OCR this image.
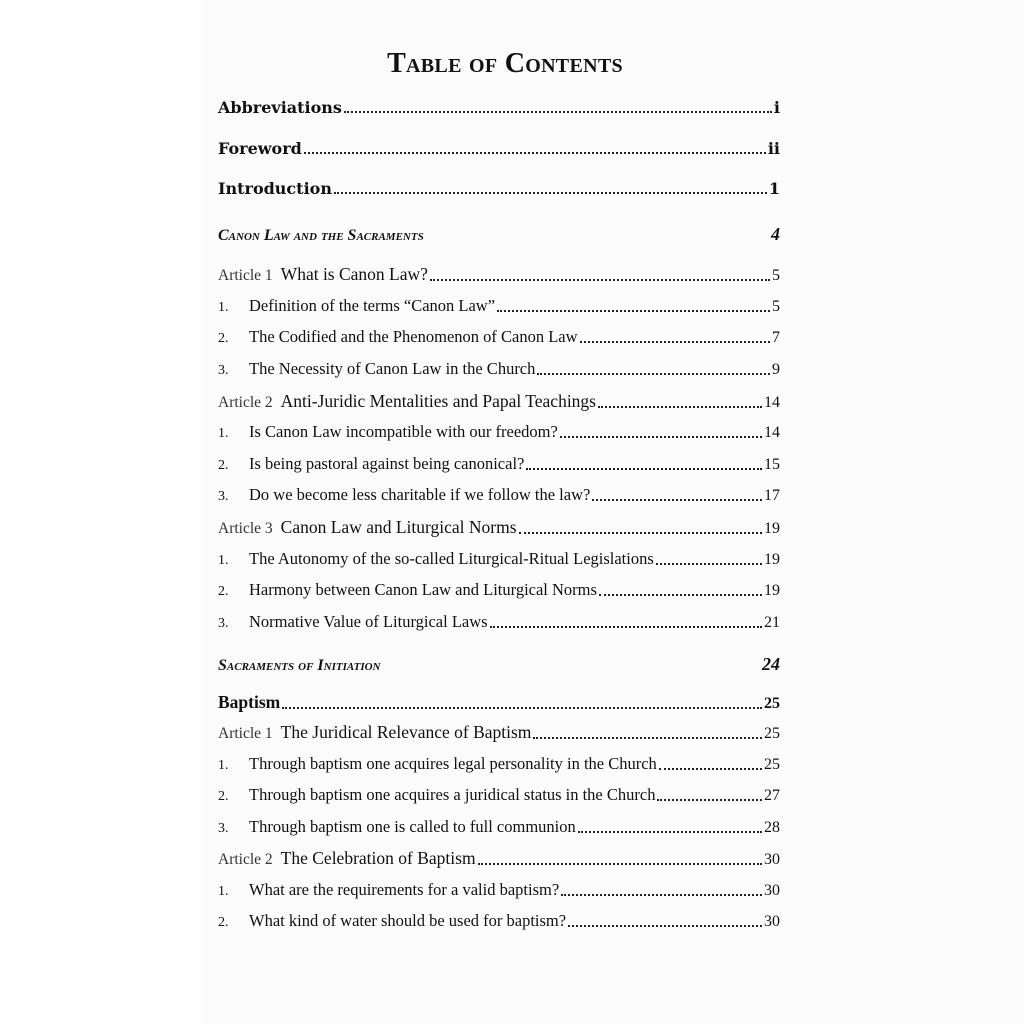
Table of Contents
Abbreviations	i
Foreword	ii
Introduction	1
Canon Law and the Sacraments	4
Article 1 What is Canon Law?	5
1.	Definition of the terms “Canon Law”	5
2.	The Codified and the Phenomenon of Canon Law	7
3.	The Necessity of Canon Law in the Church	9
Article 2 Anti-Juridic Mentalities and Papal Teachings	14
1.	Is Canon Law incompatible with our freedom?	14
2.	Is being pastoral against being canonical?	15
3.	Do we become less charitable if we follow the law?	17
Article 3 Canon Law and Liturgical Norms	19
1.	The Autonomy of the so-called Liturgical-Ritual Legislations	19
2.	Harmony between Canon Law and Liturgical Norms	19
3.	Normative Value of Liturgical Laws	21
Sacraments of Initiation	24
Baptism	25
Article 1 The Juridical Relevance of Baptism	25
1.	Through baptism one acquires legal personality in the Church	25
2.	Through baptism one acquires a juridical status in the Church	27
3.	Through baptism one is called to full communion	28
Article 2 The Celebration of Baptism	30
1.	What are the requirements for a valid baptism?	30
2.	What kind of water should be used for baptism?	30
